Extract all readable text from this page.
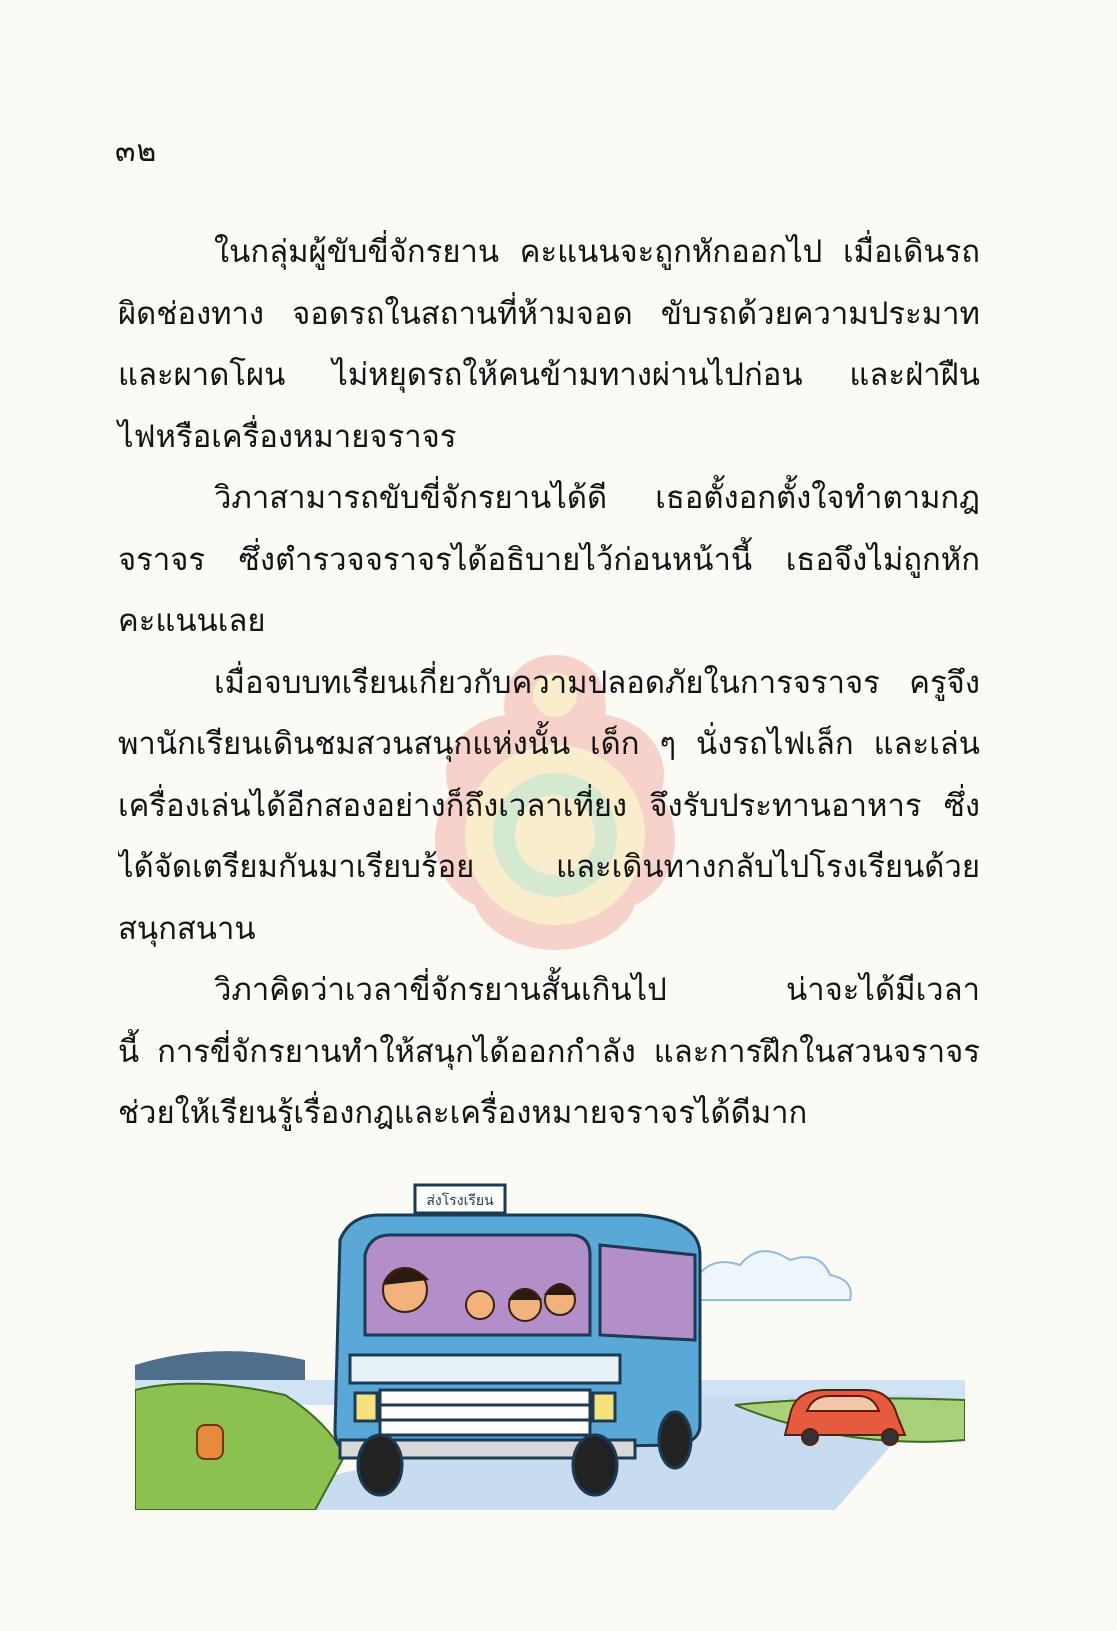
๓๒
ในกลุ่มผู้ขับขี่จักรยาน คะแนนจะถูกหักออกไป เมื่อเดินรถ
ผิดช่องทาง จอดรถในสถานที่ห้ามจอด ขับรถด้วยความประมาท
และผาดโผน ไม่หยุดรถให้คนข้ามทางผ่านไปก่อน และฝ่าฝืน
ไฟหรือเครื่องหมายจราจร
วิภาสามารถขับขี่จักรยานได้ดี เธอตั้งอกตั้งใจทำตามกฎ
จราจร ซึ่งตำรวจจราจรได้อธิบายไว้ก่อนหน้านี้ เธอจึงไม่ถูกหัก
คะแนนเลย
เมื่อจบบทเรียนเกี่ยวกับความปลอดภัยในการจราจร ครูจึง
พานักเรียนเดินชมสวนสนุกแห่งนั้น เด็ก ๆ นั่งรถไฟเล็ก และเล่น
เครื่องเล่นได้อีกสองอย่างก็ถึงเวลาเที่ยง จึงรับประทานอาหาร ซึ่ง
ได้จัดเตรียมกันมาเรียบร้อย และเดินทางกลับไปโรงเรียนด้วย
สนุกสนาน
วิภาคิดว่าเวลาขี่จักรยานสั้นเกินไป น่าจะได้มีเวลา
นี้ การขี่จักรยานทำให้สนุกได้ออกกำลัง และการฝึกในสวนจราจร
ช่วยให้เรียนรู้เรื่องกฎและเครื่องหมายจราจรได้ดีมาก
ส่งโรงเรียน
